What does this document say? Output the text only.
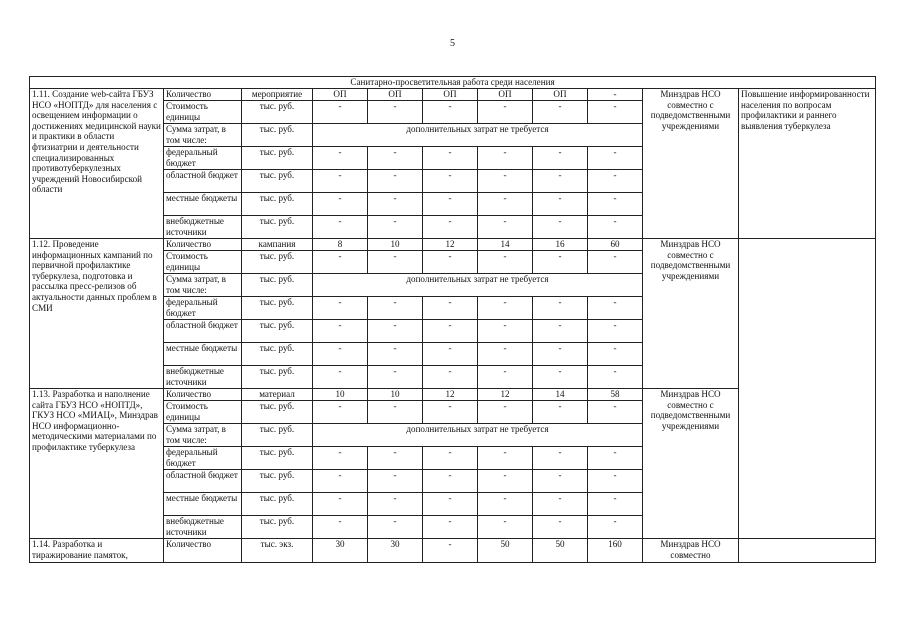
5
Санитарно-просветительная работа среди населения										
1.11. Создание web-сайта ГБУЗ НСО «НОПТД» для населения с освещением информации о достижениях медицинской науки и практики в области фтизиатрии и деятельности специализированных противотуберкулезных учреждений Новосибирской области	Количество	мероприятие	ОП	ОП	ОП	ОП	ОП	-	Минздрав НСО совместно с подведомственными учреждениями	Повышение информированности населения по вопросам профилактики и раннего выявления туберкулеза
	Стоимость единицы	тыс. руб.	-	-	-	-	-	-		
	Сумма затрат, в том числе:	тыс. руб.	дополнительных затрат не требуется							
	федеральный бюджет	тыс. руб.	-	-	-	-	-	-		
	областной бюджет	тыс. руб.	-	-	-	-	-	-		
	местные бюджеты	тыс. руб.	-	-	-	-	-	-		
	внебюджетные источники	тыс. руб.	-	-	-	-	-	-		
1.12. Проведение информационных кампаний по первичной профилактике туберкулеза, подготовка и рассылка пресс-релизов об актуальности данных проблем в СМИ	Количество	кампания	8	10	12	14	16	60	Минздрав НСО совместно с подведомственными учреждениями	
	Стоимость единицы	тыс. руб.	-	-	-	-	-	-		
	Сумма затрат, в том числе:	тыс. руб.	дополнительных затрат не требуется							
	федеральный бюджет	тыс. руб.	-	-	-	-	-	-		
	областной бюджет	тыс. руб.	-	-	-	-	-	-		
	местные бюджеты	тыс. руб.	-	-	-	-	-	-		
	внебюджетные источники	тыс. руб.	-	-	-	-	-	-		
1.13. Разработка и наполнение сайта ГБУЗ НСО «НОПТД», ГКУЗ НСО «МИАЦ», Минздрав НСО информационно-методическими материалами по профилактике туберкулеза	Количество	материал	10	10	12	12	14	58	Минздрав НСО совместно с подведомственными учреждениями	
	Стоимость единицы	тыс. руб.	-	-	-	-	-	-		
	Сумма затрат, в том числе:	тыс. руб.	дополнительных затрат не требуется							
	федеральный бюджет	тыс. руб.	-	-	-	-	-	-		
	областной бюджет	тыс. руб.	-	-	-	-	-	-		
	местные бюджеты	тыс. руб.	-	-	-	-	-	-		
	внебюджетные источники	тыс. руб.	-	-	-	-	-	-		
1.14. Разработка и тиражирование памяток,	Количество	тыс. экз.	30	30	-	50	50	160	Минздрав НСО совместно	
